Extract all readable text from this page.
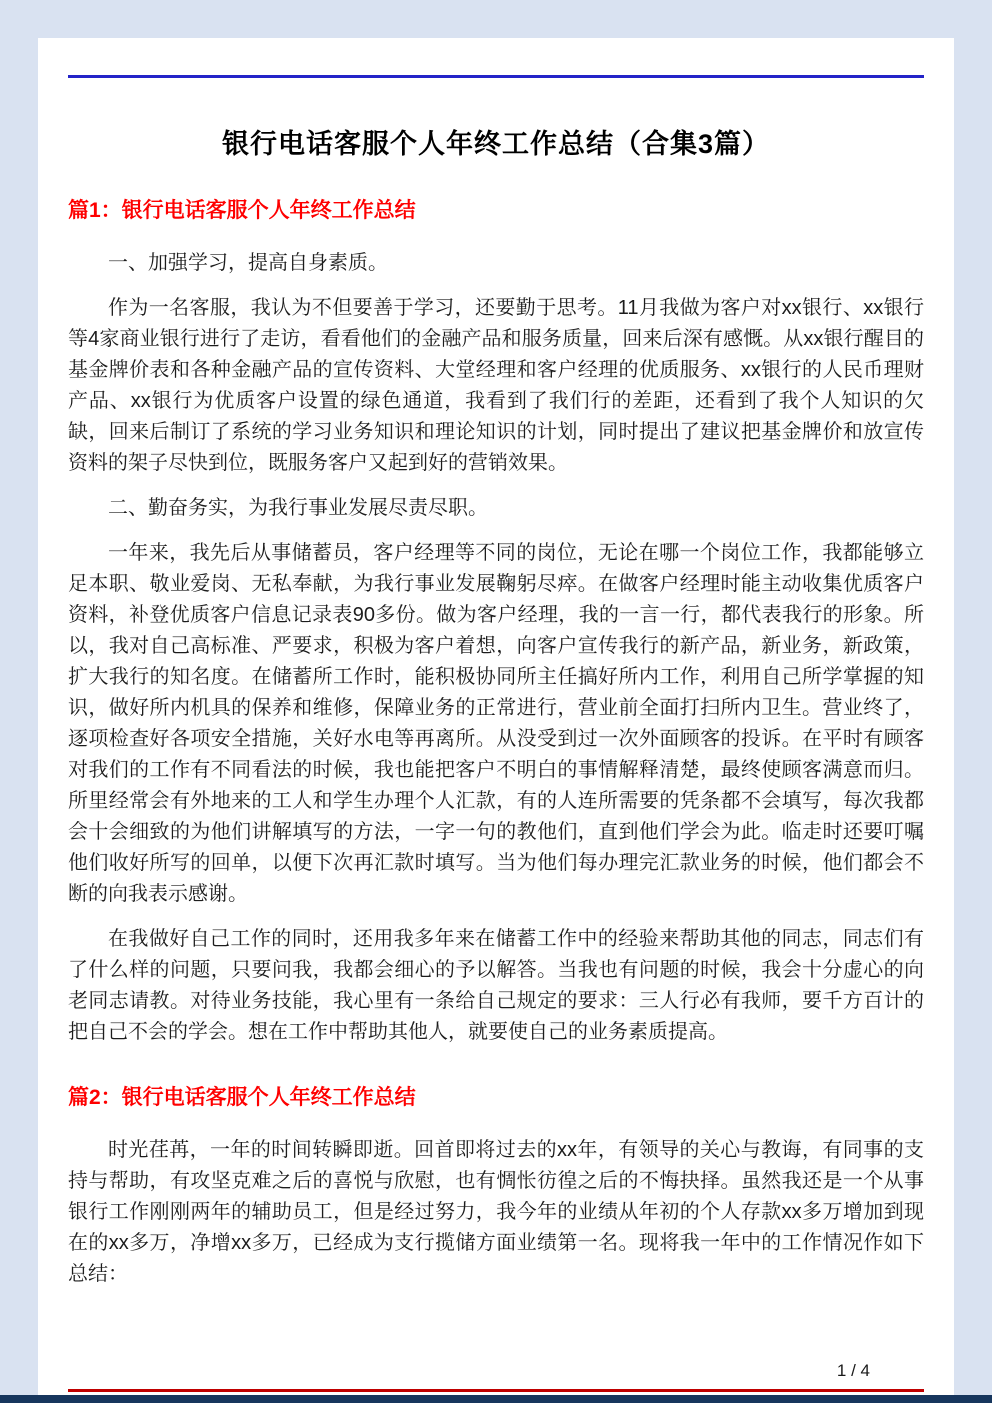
银行电话客服个人年终工作总结（合集3篇）
篇1：银行电话客服个人年终工作总结

一、加强学习，提高自身素质。

作为一名客服，我认为不但要善于学习，还要勤于思考。11月我做为客户对xx银行、xx银行等4家商业银行进行了走访，看看他们的金融产品和服务质量，回来后深有感慨。从xx银行醒目的基金牌价表和各种金融产品的宣传资料、大堂经理和客户经理的优质服务、xx银行的人民币理财产品、xx银行为优质客户设置的绿色通道，我看到了我们行的差距，还看到了我个人知识的欠缺，回来后制订了系统的学习业务知识和理论知识的计划，同时提出了建议把基金牌价和放宣传资料的架子尽快到位，既服务客户又起到好的营销效果。

二、勤奋务实，为我行事业发展尽责尽职。

一年来，我先后从事储蓄员，客户经理等不同的岗位，无论在哪一个岗位工作，我都能够立足本职、敬业爱岗、无私奉献，为我行事业发展鞠躬尽瘁。在做客户经理时能主动收集优质客户资料，补登优质客户信息记录表90多份。做为客户经理，我的一言一行，都代表我行的形象。所以，我对自己高标准、严要求，积极为客户着想，向客户宣传我行的新产品，新业务，新政策，扩大我行的知名度。在储蓄所工作时，能积极协同所主任搞好所内工作，利用自己所学掌握的知识，做好所内机具的保养和维修，保障业务的正常进行，营业前全面打扫所内卫生。营业终了，逐项检查好各项安全措施，关好水电等再离所。从没受到过一次外面顾客的投诉。在平时有顾客对我们的工作有不同看法的时候，我也能把客户不明白的事情解释清楚，最终使顾客满意而归。所里经常会有外地来的工人和学生办理个人汇款，有的人连所需要的凭条都不会填写，每次我都会十会细致的为他们讲解填写的方法，一字一句的教他们，直到他们学会为此。临走时还要叮嘱他们收好所写的回单，以便下次再汇款时填写。当为他们每办理完汇款业务的时候，他们都会不断的向我表示感谢。

在我做好自己工作的同时，还用我多年来在储蓄工作中的经验来帮助其他的同志，同志们有了什么样的问题，只要问我，我都会细心的予以解答。当我也有问题的时候，我会十分虚心的向老同志请教。对待业务技能，我心里有一条给自己规定的要求：三人行必有我师，要千方百计的把自己不会的学会。想在工作中帮助其他人，就要使自己的业务素质提高。

篇2：银行电话客服个人年终工作总结

时光荏苒，一年的时间转瞬即逝。回首即将过去的xx年，有领导的关心与教诲，有同事的支持与帮助，有攻坚克难之后的喜悦与欣慰，也有惆怅彷徨之后的不悔抉择。虽然我还是一个从事银行工作刚刚两年的辅助员工，但是经过努力，我今年的业绩从年初的个人存款xx多万增加到现在的xx多万，净增xx多万，已经成为支行揽储方面业绩第一名。现将我一年中的工作情况作如下总结：

1 / 4
